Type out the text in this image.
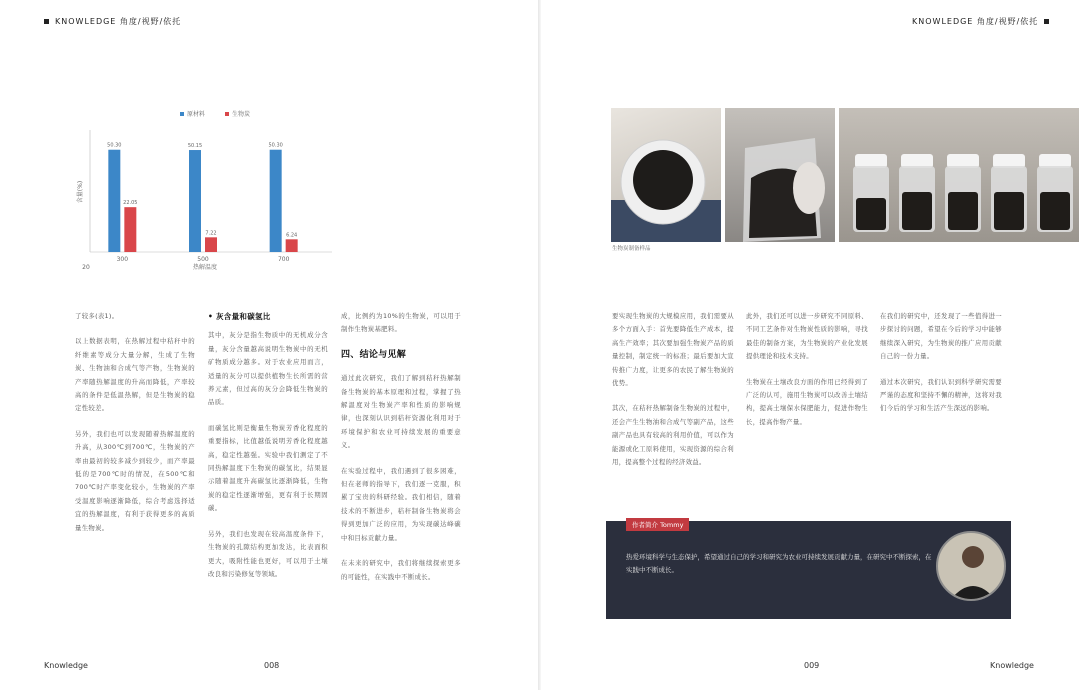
KNOWLEDGE 角度/视野/依托	KNOWLEDGE 角度/视野/依托
原材料	生物炭
50.30
22.05
300
50.15
7.22
500
50.30
6.24
700
热解温度
含量(%)
20

了较多(表1)。

以上数据表明，在热解过程中秸秆中的纤维素等成分大量分解，生成了生物炭、生物油和合成气等产物，生物炭的产率随热解温度的升高而降低，产率较高的条件是低温热解，但是生物炭的稳定性较差。

另外，我们也可以发现随着热解温度的升高，从300℃到700℃，生物炭的产率由最初的较多减少到较少，而产率最低的是700℃时的情况，在500℃和700℃时产率变化较小，生物炭的产率受温度影响逐渐降低，综合考虑选择适宜的热解温度，有利于获得更多的高质量生物炭。

• 灰含量和碳氢比

其中，灰分是指生物质中的无机成分含量，灰分含量越高说明生物炭中的无机矿物质成分越多。对于农业应用而言，适量的灰分可以提供植物生长所需的营养元素，但过高的灰分会降低生物炭的品质。

而碳氢比则是衡量生物炭芳香化程度的重要指标，比值越低说明芳香化程度越高，稳定性越强。实验中我们测定了不同热解温度下生物炭的碳氢比，结果显示随着温度升高碳氢比逐渐降低，生物炭的稳定性逐渐增强，更有利于长期固碳。

另外，我们也发现在较高温度条件下，生物炭的孔隙结构更加发达，比表面积更大，吸附性能也更好，可以用于土壤改良和污染修复等领域。

成，比例约为10%的生物炭，可以用于制作生物炭基肥料。

四、结论与见解

通过此次研究，我们了解到秸秆热解制备生物炭的基本原理和过程，掌握了热解温度对生物炭产率和性质的影响规律，也深刻认识到秸秆资源化利用对于环境保护和农业可持续发展的重要意义。

在实验过程中，我们遇到了很多困难，但在老师的指导下，我们逐一克服，积累了宝贵的科研经验。我们相信，随着技术的不断进步，秸秆制备生物炭将会得到更加广泛的应用，为实现碳达峰碳中和目标贡献力量。

在未来的研究中，我们将继续探索更多的可能性，在实践中不断成长。

生物炭制备样品

要实现生物炭的大规模应用，我们需要从多个方面入手：首先要降低生产成本，提高生产效率；其次要加强生物炭产品的质量控制，制定统一的标准；最后要加大宣传推广力度，让更多的农民了解生物炭的优势。

其次，在秸秆热解制备生物炭的过程中，还会产生生物油和合成气等副产品，这些副产品也具有较高的利用价值，可以作为能源或化工原料使用，实现资源的综合利用，提高整个过程的经济效益。

此外，我们还可以进一步研究不同原料、不同工艺条件对生物炭性质的影响，寻找最佳的制备方案，为生物炭的产业化发展提供理论和技术支持。

生物炭在土壤改良方面的作用已经得到了广泛的认可，施用生物炭可以改善土壤结构，提高土壤保水保肥能力，促进作物生长，提高作物产量。

在我们的研究中，还发现了一些值得进一步探讨的问题，希望在今后的学习中能够继续深入研究，为生物炭的推广应用贡献自己的一份力量。

通过本次研究，我们认识到科学研究需要严谨的态度和坚持不懈的精神，这将对我们今后的学习和生活产生深远的影响。

作者简介 Tommy
热爱环境科学与生态保护，希望通过自己的学习和研究为农业可持续发展贡献力量，在研究中不断探索，在实践中不断成长。
Knowledge	008	009	Knowledge
